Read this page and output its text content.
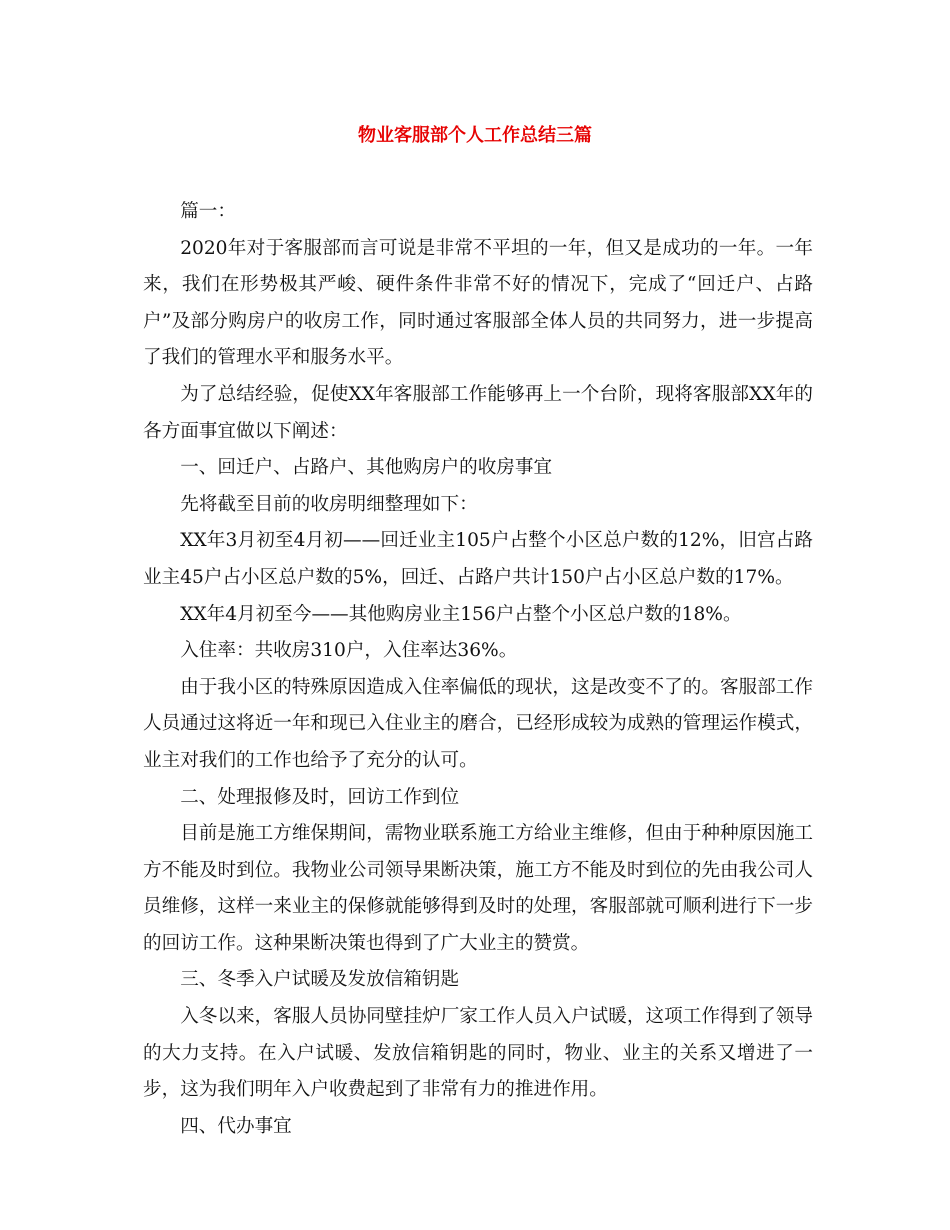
物业客服部个人工作总结三篇

篇一：

2020年对于客服部而言可说是非常不平坦的一年，但又是成功的一年。一年来，我们在形势极其严峻、硬件条件非常不好的情况下，完成了“回迁户、占路户”及部分购房户的收房工作，同时通过客服部全体人员的共同努力，进一步提高了我们的管理水平和服务水平。

为了总结经验，促使XX年客服部工作能够再上一个台阶，现将客服部XX年的各方面事宜做以下阐述：

一、回迁户、占路户、其他购房户的收房事宜

先将截至目前的收房明细整理如下：

XX年3月初至4月初——回迁业主105户占整个小区总户数的12%，旧宫占路业主45户占小区总户数的5%，回迁、占路户共计150户占小区总户数的17%。

XX年4月初至今——其他购房业主156户占整个小区总户数的18%。

入住率：共收房310户，入住率达36%。

由于我小区的特殊原因造成入住率偏低的现状，这是改变不了的。客服部工作人员通过这将近一年和现已入住业主的磨合，已经形成较为成熟的管理运作模式，业主对我们的工作也给予了充分的认可。

二、处理报修及时，回访工作到位

目前是施工方维保期间，需物业联系施工方给业主维修，但由于种种原因施工方不能及时到位。我物业公司领导果断决策，施工方不能及时到位的先由我公司人员维修，这样一来业主的保修就能够得到及时的处理，客服部就可顺利进行下一步的回访工作。这种果断决策也得到了广大业主的赞赏。

三、冬季入户试暖及发放信箱钥匙

入冬以来，客服人员协同壁挂炉厂家工作人员入户试暖，这项工作得到了领导的大力支持。在入户试暖、发放信箱钥匙的同时，物业、业主的关系又增进了一步，这为我们明年入户收费起到了非常有力的推进作用。

四、代办事宜
